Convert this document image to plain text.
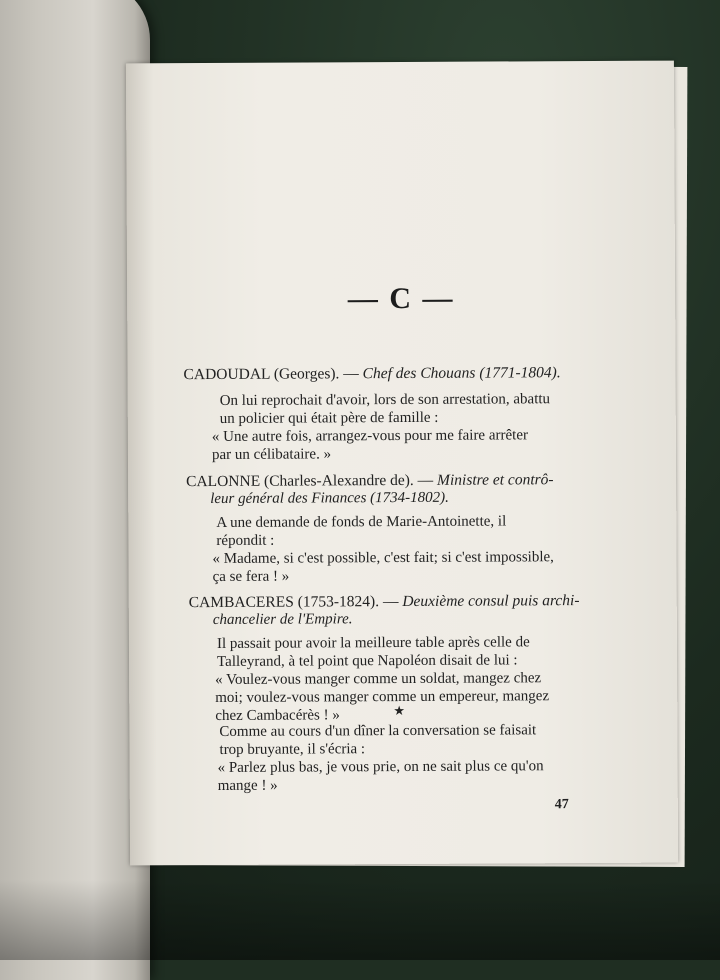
— C —
CADOUDAL (Georges). — Chef des Chouans (1771-1804).
On lui reprochait d'avoir, lors de son arrestation, abattu
un policier qui était père de famille :
« Une autre fois, arrangez-vous pour me faire arrêter
par un célibataire. »
CALONNE (Charles-Alexandre de). — Ministre et contrô-
leur général des Finances (1734-1802).
A une demande de fonds de Marie-Antoinette, il
répondit :
« Madame, si c'est possible, c'est fait; si c'est impossible,
ça se fera ! »
CAMBACERES (1753-1824). — Deuxième consul puis archi-
chancelier de l'Empire.
Il passait pour avoir la meilleure table après celle de
Talleyrand, à tel point que Napoléon disait de lui :
« Voulez-vous manger comme un soldat, mangez chez
moi; voulez-vous manger comme un empereur, mangez
chez Cambacérès ! »	★
Comme au cours d'un dîner la conversation se faisait
trop bruyante, il s'écria :
« Parlez plus bas, je vous prie, on ne sait plus ce qu'on
mange ! »
47
